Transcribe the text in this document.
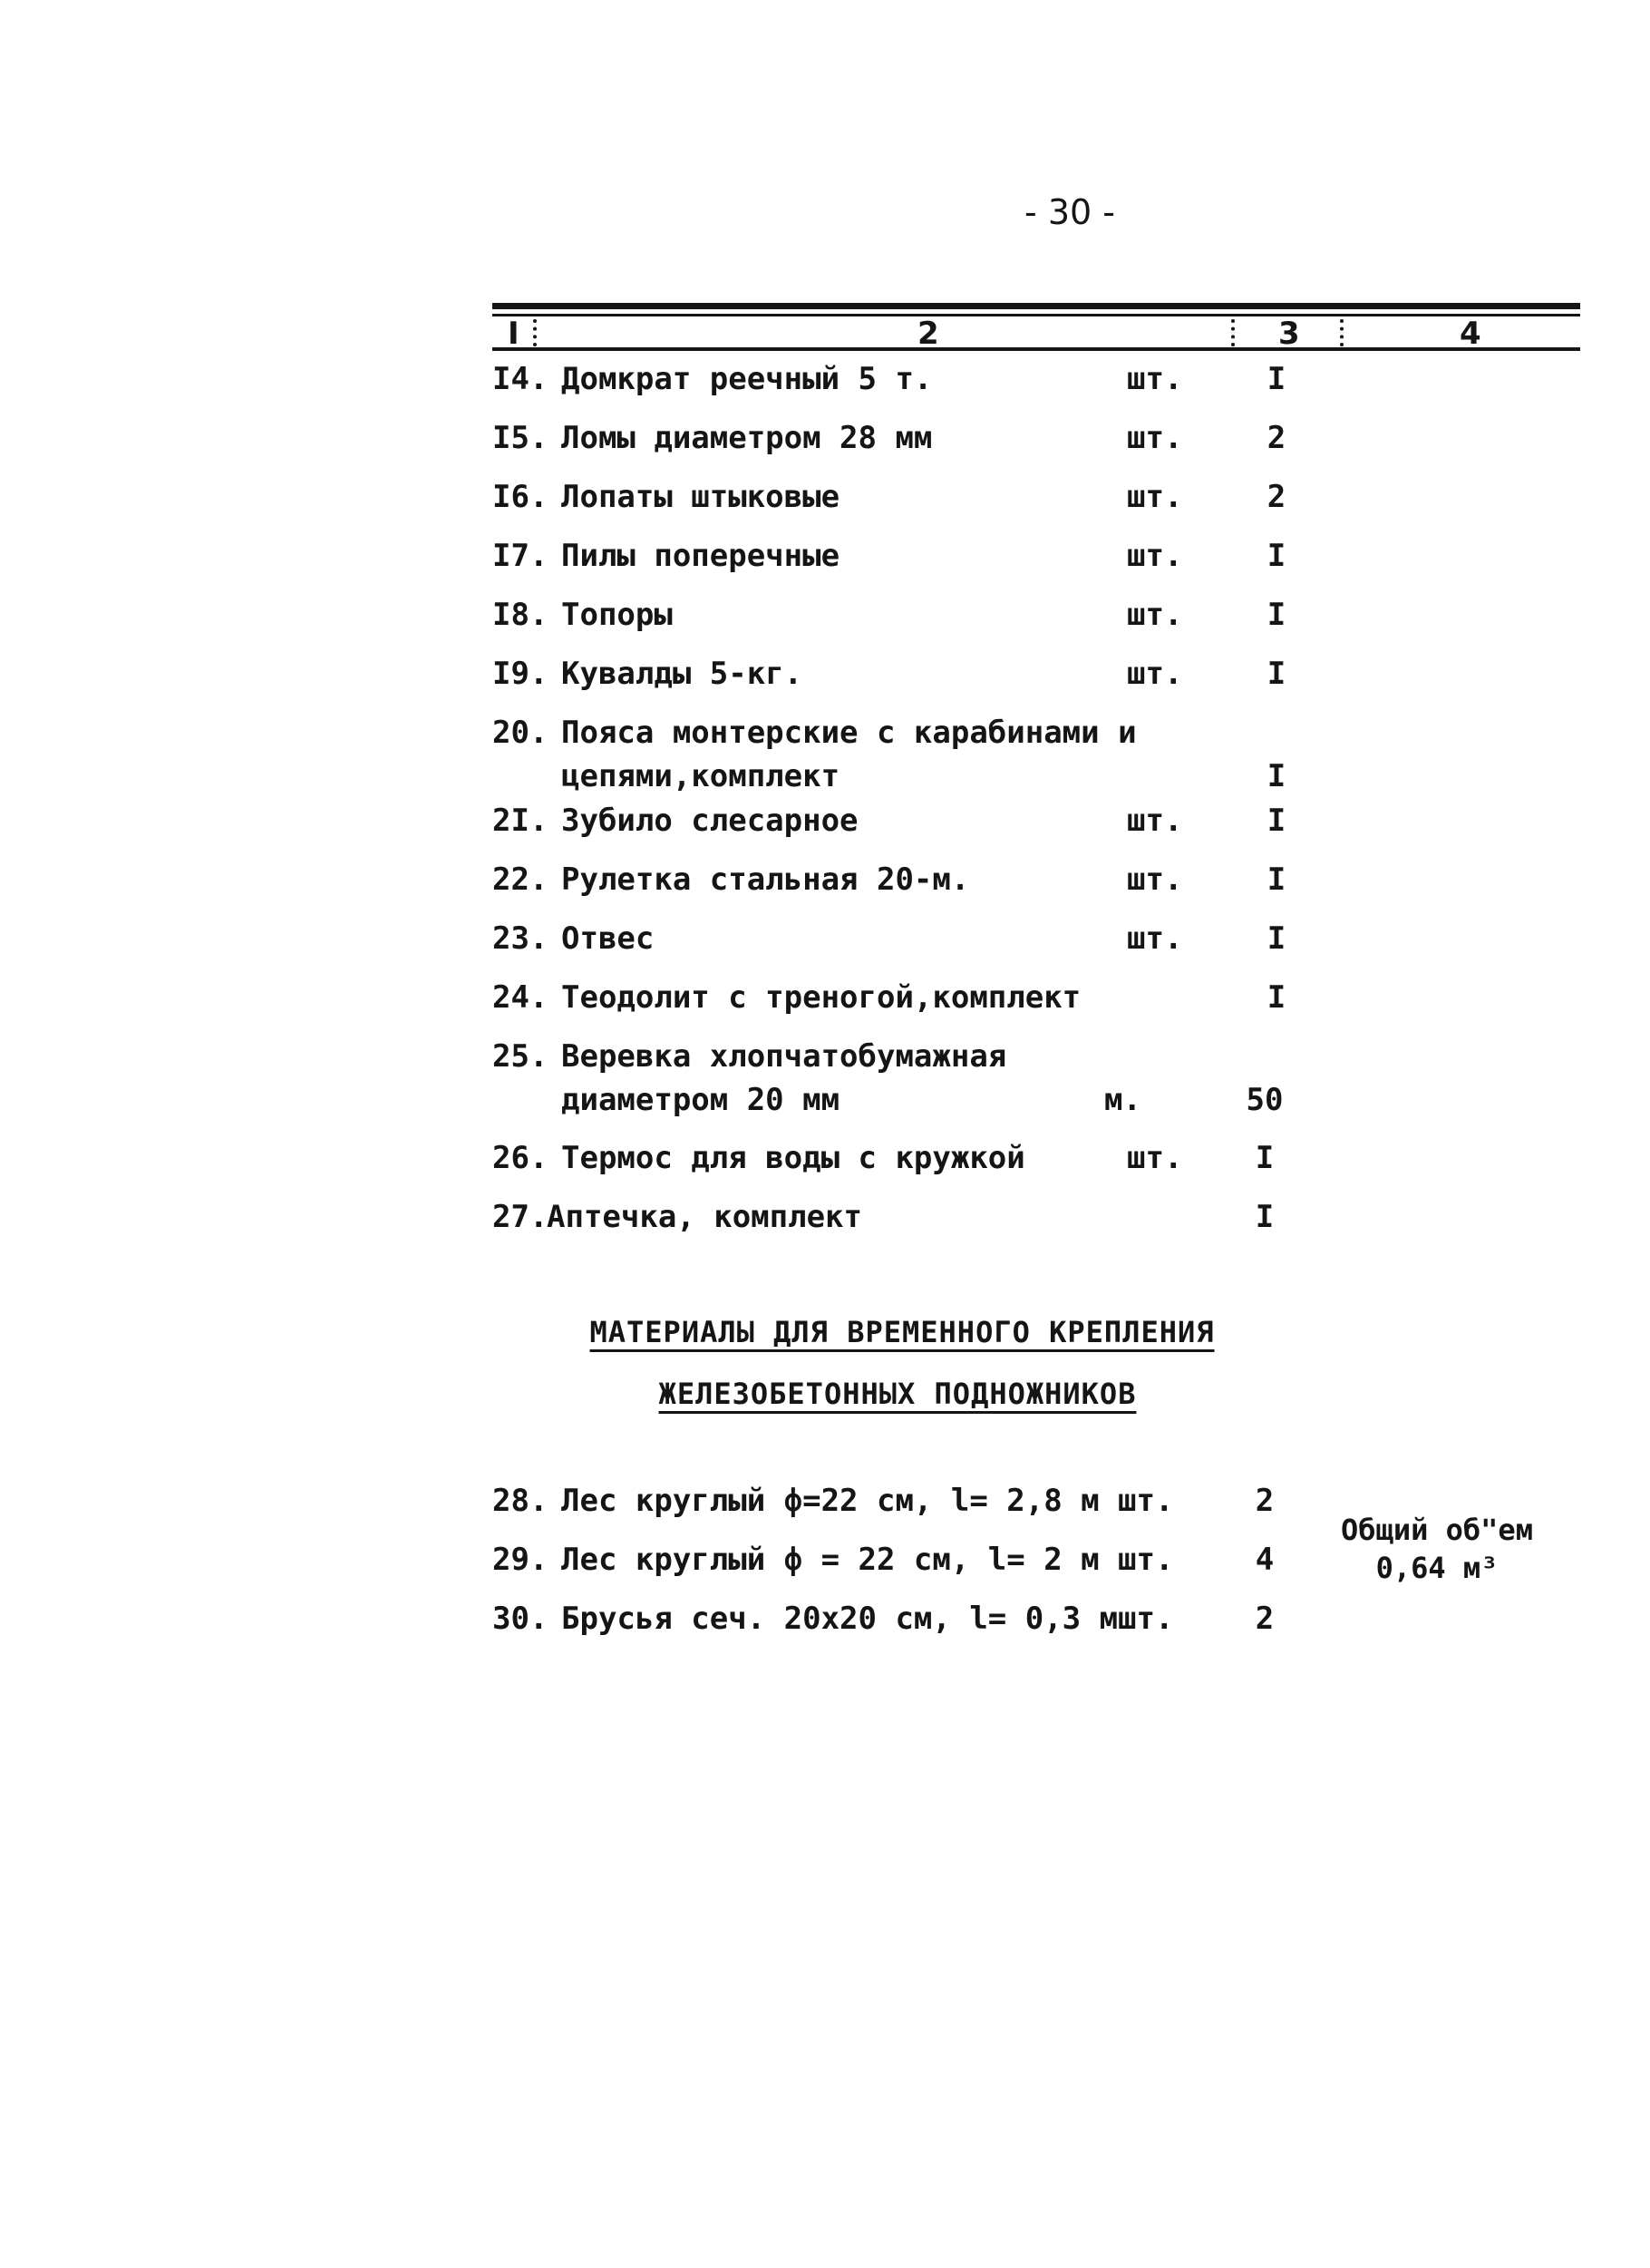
- 30 -
I	2	3	4
I4. Домкрат реечный 5 т.	шт.	I
I5. Ломы диаметром 28 мм	шт.	2
I6. Лопаты штыковые	шт.	2
I7. Пилы поперечные	шт.	I
I8. Топоры	шт.	I
I9. Кувалды 5-кг.	шт.	I
20. Пояса монтерские с карабинами и
цепями,комплект	I
2I. Зубило слесарное	шт.	I
22. Рулетка стальная 20-м.	шт.	I
23. Отвес	шт.	I
24. Теодолит с треногой,комплект	I
25. Веревка хлопчатобумажная
диаметром 20 мм	м.	50
26. Термос для воды с кружкой	шт.	I
27.
Аптечка, комплект	I
МАТЕРИАЛЫ ДЛЯ ВРЕМЕННОГО КРЕПЛЕНИЯ
ЖЕЛЕЗОБЕТОННЫХ ПОДНОЖНИКОВ
28. Лес круглый ф=22 см, l= 2,8 м шт.	2
29. Лес круглый ф = 22 см, l= 2 м шт.	4
30. Брусья сеч. 20х20 см, l= 0,3 м шт.	2
Общий об"ем
0,64 м³
